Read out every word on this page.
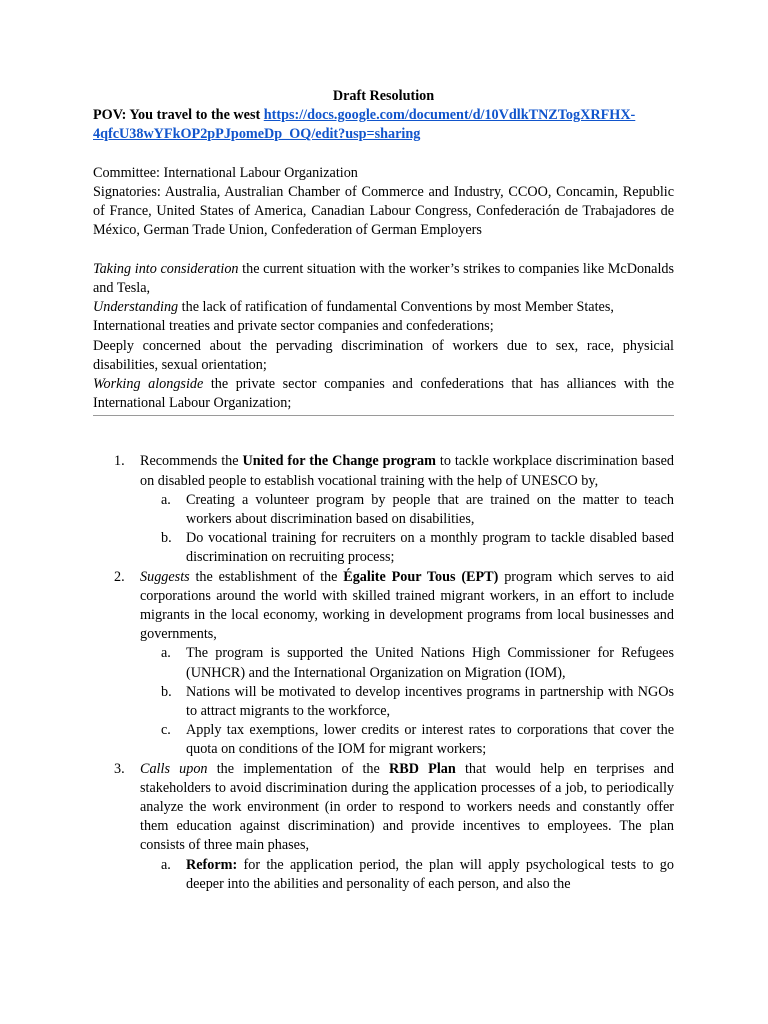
Draft Resolution

POV: You travel to the west https://docs.google.com/document/d/10VdlkTNZTogXRFHX-
4qfcU38wYFkOP2pPJpomeDp_OQ/edit?usp=sharing

Committee: International Labour Organization

Signatories: Australia, Australian Chamber of Commerce and Industry, CCOO, Concamin, Republic of France, United States of America, Canadian Labour Congress, Confederación de Trabajadores de México, German Trade Union, Confederation of German Employers

Taking into consideration the current situation with the worker’s strikes to companies like McDonalds and Tesla,

Understanding the lack of ratification of fundamental Conventions by most Member States, International treaties and private sector companies and confederations;

Deeply concerned about the pervading discrimination of workers due to sex, race, physicial disabilities, sexual orientation;

Working alongside the private sector companies and confederations that has alliances with the International Labour Organization;

1. Recommends the United for the Change program to tackle workplace discrimination based on disabled people to establish vocational training with the help of UNESCO by,
a. Creating a volunteer program by people that are trained on the matter to teach workers about discrimination based on disabilities,
b. Do vocational training for recruiters on a monthly program to tackle disabled based discrimination on recruiting process;
2. Suggests the establishment of the Égalite Pour Tous (EPT) program which serves to aid corporations around the world with skilled trained migrant workers, in an effort to include migrants in the local economy, working in development programs from local businesses and governments,
a. The program is supported the United Nations High Commissioner for Refugees (UNHCR) and the International Organization on Migration (IOM),
b. Nations will be motivated to develop incentives programs in partnership with NGOs to attract migrants to the workforce,
c. Apply tax exemptions, lower credits or interest rates to corporations that cover the quota on conditions of the IOM for migrant workers;
3. Calls upon the implementation of the RBD Plan that would help en terprises and stakeholders to avoid discrimination during the application processes of a job, to periodically analyze the work environment (in order to respond to workers needs and constantly offer them education against discrimination) and provide incentives to employees. The plan consists of three main phases,
a. Reform: for the application period, the plan will apply psychological tests to go deeper into the abilities and personality of each person, and also the
